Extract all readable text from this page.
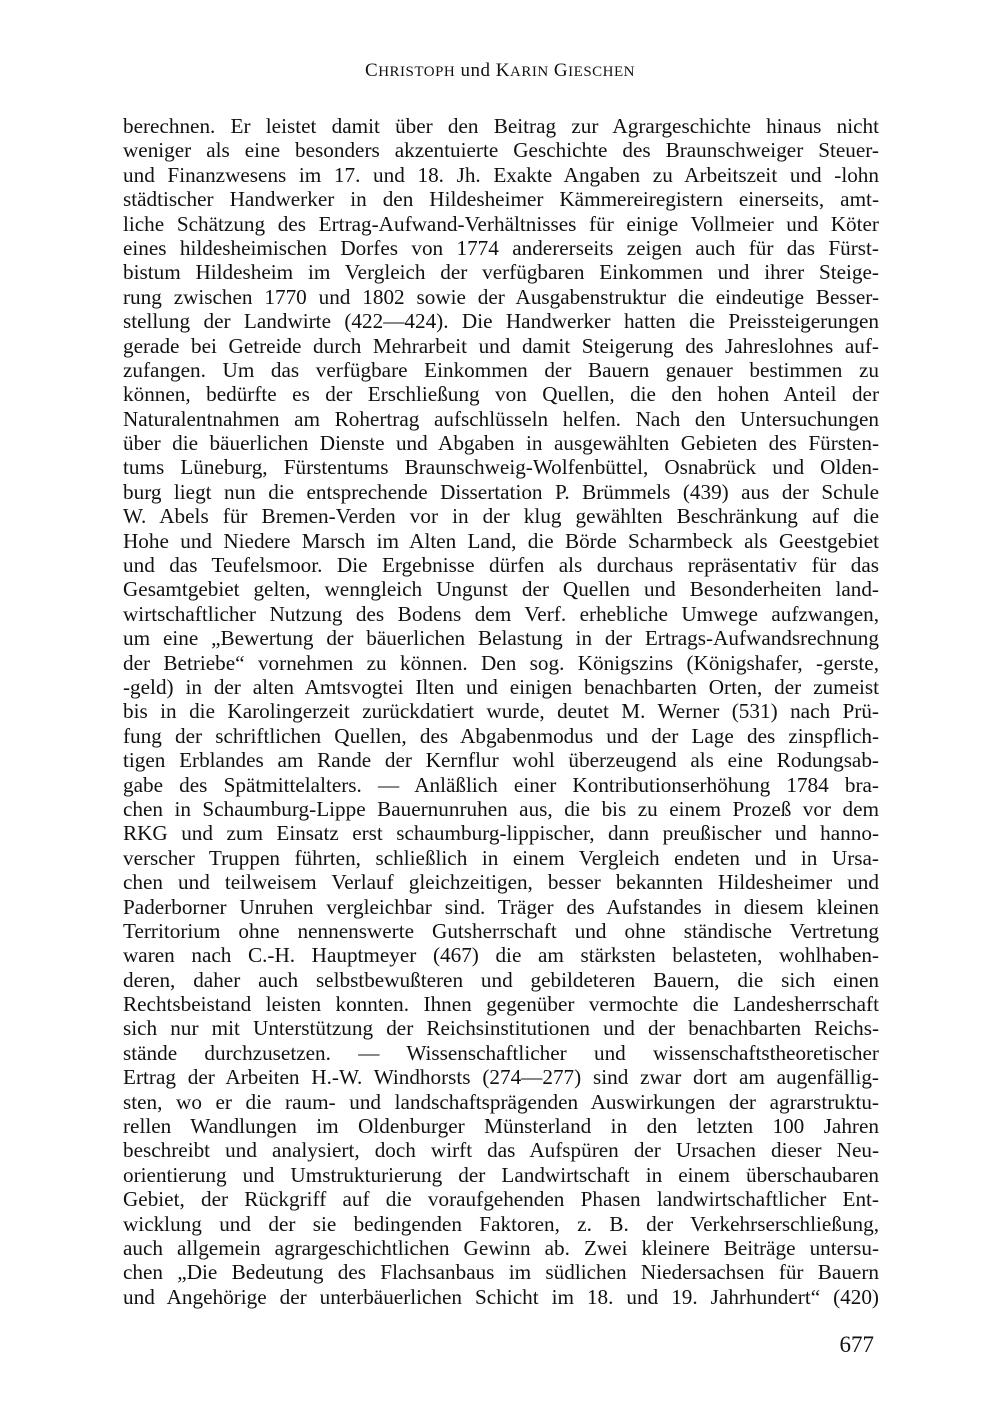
CHRISTOPH und KARIN GIESCHEN
berechnen. Er leistet damit über den Beitrag zur Agrargeschichte hinaus nicht
weniger als eine besonders akzentuierte Geschichte des Braunschweiger Steuer-
und Finanzwesens im 17. und 18. Jh. Exakte Angaben zu Arbeitszeit und -lohn
städtischer Handwerker in den Hildesheimer Kämmereiregistern einerseits, amt-
liche Schätzung des Ertrag-Aufwand-Verhältnisses für einige Vollmeier und Köter
eines hildesheimischen Dorfes von 1774 andererseits zeigen auch für das Fürst-
bistum Hildesheim im Vergleich der verfügbaren Einkommen und ihrer Steige-
rung zwischen 1770 und 1802 sowie der Ausgabenstruktur die eindeutige Besser-
stellung der Landwirte (422—424). Die Handwerker hatten die Preissteigerungen
gerade bei Getreide durch Mehrarbeit und damit Steigerung des Jahreslohnes auf-
zufangen. Um das verfügbare Einkommen der Bauern genauer bestimmen zu
können, bedürfte es der Erschließung von Quellen, die den hohen Anteil der
Naturalentnahmen am Rohertrag aufschlüsseln helfen. Nach den Untersuchungen
über die bäuerlichen Dienste und Abgaben in ausgewählten Gebieten des Fürsten-
tums Lüneburg, Fürstentums Braunschweig-Wolfenbüttel, Osnabrück und Olden-
burg liegt nun die entsprechende Dissertation P. Brümmels (439) aus der Schule
W. Abels für Bremen-Verden vor in der klug gewählten Beschränkung auf die
Hohe und Niedere Marsch im Alten Land, die Börde Scharmbeck als Geestgebiet
und das Teufelsmoor. Die Ergebnisse dürfen als durchaus repräsentativ für das
Gesamtgebiet gelten, wenngleich Ungunst der Quellen und Besonderheiten land-
wirtschaftlicher Nutzung des Bodens dem Verf. erhebliche Umwege aufzwangen,
um eine „Bewertung der bäuerlichen Belastung in der Ertrags-Aufwandsrechnung
der Betriebe“ vornehmen zu können. Den sog. Königszins (Königshafer, -gerste,
-geld) in der alten Amtsvogtei Ilten und einigen benachbarten Orten, der zumeist
bis in die Karolingerzeit zurückdatiert wurde, deutet M. Werner (531) nach Prü-
fung der schriftlichen Quellen, des Abgabenmodus und der Lage des zinspflich-
tigen Erblandes am Rande der Kernflur wohl überzeugend als eine Rodungsab-
gabe des Spätmittelalters. — Anläßlich einer Kontributionserhöhung 1784 bra-
chen in Schaumburg-Lippe Bauernunruhen aus, die bis zu einem Prozeß vor dem
RKG und zum Einsatz erst schaumburg-lippischer, dann preußischer und hanno-
verscher Truppen führten, schließlich in einem Vergleich endeten und in Ursa-
chen und teilweisem Verlauf gleichzeitigen, besser bekannten Hildesheimer und
Paderborner Unruhen vergleichbar sind. Träger des Aufstandes in diesem kleinen
Territorium ohne nennenswerte Gutsherrschaft und ohne ständische Vertretung
waren nach C.-H. Hauptmeyer (467) die am stärksten belasteten, wohlhaben-
deren, daher auch selbstbewußteren und gebildeteren Bauern, die sich einen
Rechtsbeistand leisten konnten. Ihnen gegenüber vermochte die Landesherrschaft
sich nur mit Unterstützung der Reichsinstitutionen und der benachbarten Reichs-
stände durchzusetzen. — Wissenschaftlicher und wissenschaftstheoretischer
Ertrag der Arbeiten H.-W. Windhorsts (274—277) sind zwar dort am augenfällig-
sten, wo er die raum- und landschaftsprägenden Auswirkungen der agrarstruktu-
rellen Wandlungen im Oldenburger Münsterland in den letzten 100 Jahren
beschreibt und analysiert, doch wirft das Aufspüren der Ursachen dieser Neu-
orientierung und Umstrukturierung der Landwirtschaft in einem überschaubaren
Gebiet, der Rückgriff auf die voraufgehenden Phasen landwirtschaftlicher Ent-
wicklung und der sie bedingenden Faktoren, z. B. der Verkehrserschließung,
auch allgemein agrargeschichtlichen Gewinn ab. Zwei kleinere Beiträge untersu-
chen „Die Bedeutung des Flachsanbaus im südlichen Niedersachsen für Bauern
und Angehörige der unterbäuerlichen Schicht im 18. und 19. Jahrhundert“ (420)
677
